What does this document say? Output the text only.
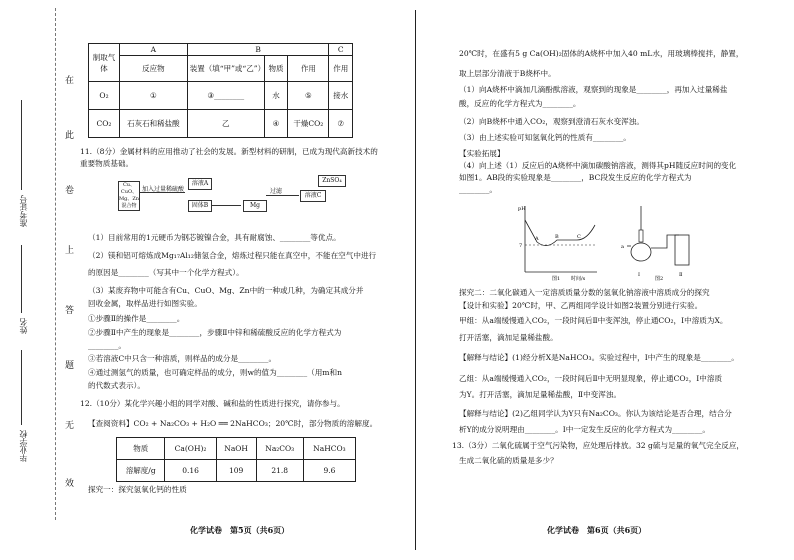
在
此
卷
上
答
题
无
效
准考证号
姓名
毕业学校
制取气体	A	B			C
	反应物	装置（填“甲”或“乙”）	物质	作用	作用
O₂	①	③________	水	⑤	接水
CO₂	石灰石和稀盐酸	乙	④	干燥CO₂	⑦
11.（8分）金属材料的应用推动了社会的发展。新型材料的研制，已成为现代高新技术的重要物质基础。
Cu、CuO、Mg、Zn混合物
加入过量稀硫酸
溶液A
固体B	Mg
溶液C
过滤
ZnSO₄
（1）目前常用的1元硬币为钢芯镀镍合金，具有耐腐蚀、________等优点。
（2）镁和铝可熔炼成Mg₁₇Al₁₂储氢合金，熔炼过程只能在真空中，不能在空气中进行
的原因是________（写其中一个化学方程式）。
（3）某废弃物中可能含有Cu、CuO、Mg、Zn中的一种或几种，为确定其成分并
回收金属，取样品进行如图实验。
①步骤Ⅱ的操作是________。
②步骤Ⅱ中产生的现象是________，步骤Ⅱ中锌和稀硫酸反应的化学方程式为
________。
③若溶液C中只含一种溶质，则样品的成分是________。
④通过测氢气的质量，也可确定样品的成分，则w的值为________（用m和n
的代数式表示）。
12.（10分）某化学兴趣小组的同学对酸、碱和盐的性质进行探究，请你参与。
【查阅资料】CO₂ + Na₂CO₃ + H₂O ══ 2NaHCO₃；20℃时，部分物质的溶解度。
物质	Ca(OH)₂	NaOH	Na₂CO₃	NaHCO₃
溶解度/g	0.16	109	21.8	9.6
探究一：探究氢氧化钙的性质
化学试卷　第5页（共6页）
20℃时，在盛有5 g Ca(OH)₂固体的A烧杯中加入40 mL水，用玻璃棒搅拌，静置，
取上层部分清液于B烧杯中。
（1）向A烧杯中滴加几滴酚酞溶液，观察到的现象是________，再加入过量稀盐
酸，反应的化学方程式为________。
（2）向B烧杯中通入CO₂，观察到澄清石灰水变浑浊。
（3）由上述实验可知氢氧化钙的性质有________。
【实验拓展】
（4）向上述（1）反应后的A烧杯中滴加碳酸钠溶液，测得其pH随反应时间的变化
如图1。AB段的实验现象是________，BC段发生反应的化学方程式为
________。
pH
7
A	B	C
时间/s
图1
a
Ⅰ	Ⅱ
图2
探究二：二氧化碳通入一定溶质质量分数的氢氧化钠溶液中溶质成分的探究
【设计和实验】20℃时，甲、乙两组同学设计如图2装置分别进行实验。
甲组：从a端缓慢通入CO₂，一段时间后Ⅱ中变浑浊，停止通CO₂，Ⅰ中溶质为X。
打开活塞，滴加足量稀盐酸。
【解释与结论】(1)经分析X是NaHCO₃。实验过程中，Ⅰ中产生的现象是________。
乙组：从a端缓慢通入CO₂，一段时间后Ⅱ中无明显现象，停止通CO₂，Ⅰ中溶质
为Y。打开活塞，滴加足量稀盐酸，Ⅱ中变浑浊。
【解释与结论】(2)乙组同学认为Y只有Na₂CO₃。你认为该结论是否合理，结合分
析Y的成分说明理由________。Ⅰ中一定发生反应的化学方程式为________。
13.（3分）二氧化硫属于空气污染物，应处理后排放。32 g硫与足量的氧气完全反应，
生成二氧化硫的质量是多少？
化学试卷　第6页（共6页）
